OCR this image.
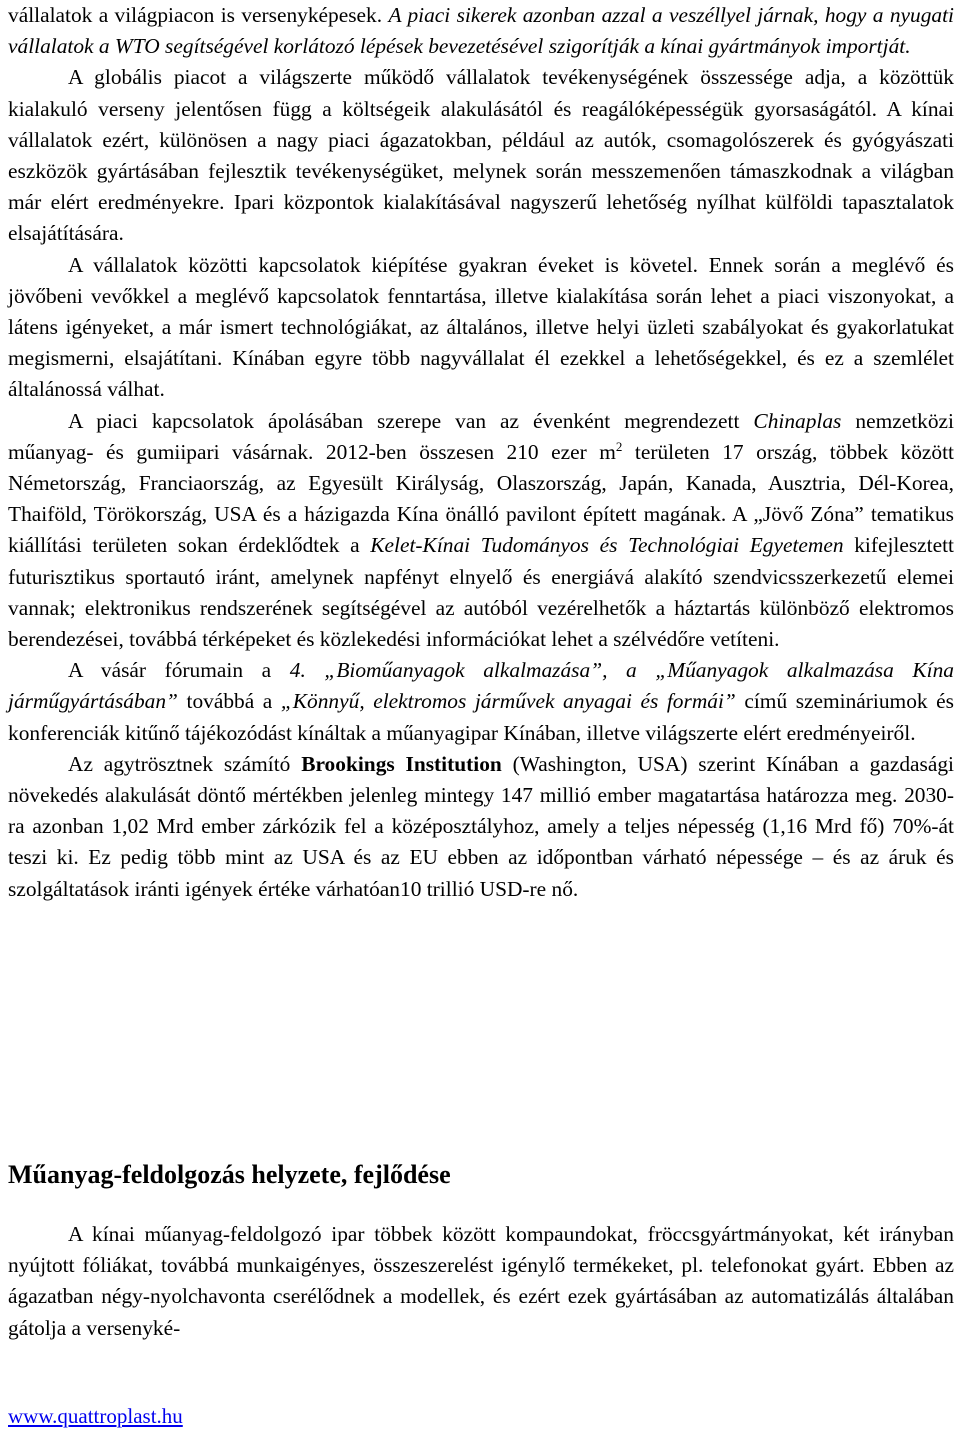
vállalatok a világpiacon is versenyképesek. A piaci sikerek azonban azzal a veszéllyel járnak, hogy a nyugati vállalatok a WTO segítségével korlátozó lépések bevezetésével szigorítják a kínai gyártmányok importját.

A globális piacot a világszerte működő vállalatok tevékenységének összessége adja, a közöttük kialakuló verseny jelentősen függ a költségeik alakulásától és reagálóképességük gyorsaságától. A kínai vállalatok ezért, különösen a nagy piaci ágazatokban, például az autók, csomagolószerek és gyógyászati eszközök gyártásában fejlesztik tevékenységüket, melynek során messzemenően támaszkodnak a világban már elért eredményekre. Ipari központok kialakításával nagyszerű lehetőség nyílhat külföldi tapasztalatok elsajátítására.

A vállalatok közötti kapcsolatok kiépítése gyakran éveket is követel. Ennek során a meglévő és jövőbeni vevőkkel a meglévő kapcsolatok fenntartása, illetve kialakítása során lehet a piaci viszonyokat, a látens igényeket, a már ismert technológiákat, az általános, illetve helyi üzleti szabályokat és gyakorlatukat megismerni, elsajátítani. Kínában egyre több nagyvállalat él ezekkel a lehetőségekkel, és ez a szemlélet általánossá válhat.

A piaci kapcsolatok ápolásában szerepe van az évenként megrendezett Chinaplas nemzetközi műanyag- és gumiipari vásárnak. 2012-ben összesen 210 ezer $m^2$ területen 17 ország, többek között Németország, Franciaország, az Egyesült Királyság, Olaszország, Japán, Kanada, Ausztria, Dél-Korea, Thaiföld, Törökország, USA és a házigazda Kína önálló pavilont épített magának. A „Jövő Zóna” tematikus kiállítási területen sokan érdeklődtek a Kelet-Kínai Tudományos és Technológiai Egyetemen kifejlesztett futurisztikus sportautó iránt, amelynek napfényt elnyelő és energiává alakító szendvicsszerkezetű elemei vannak; elektronikus rendszerének segítségével az autóból vezérelhetők a háztartás különböző elektromos berendezései, továbbá térképeket és közlekedési információkat lehet a szélvédőre vetíteni.

A vásár fórumain a 4. „Bioműanyagok alkalmazása”, a „Műanyagok alkalmazása Kína járműgyártásában” továbbá a „Könnyű, elektromos járművek anyagai és formái” című szemináriumok és konferenciák kitűnő tájékozódást kínáltak a műanyagipar Kínában, illetve világszerte elért eredményeiről.

Az agytrösztnek számító Brookings Institution (Washington, USA) szerint Kínában a gazdasági növekedés alakulását döntő mértékben jelenleg mintegy 147 millió ember magatartása határozza meg. 2030-ra azonban 1,02 Mrd ember zárkózik fel a középosztályhoz, amely a teljes népesség (1,16 Mrd fő) 70%-át teszi ki. Ez pedig több mint az USA és az EU ebben az időpontban várható népessége – és az áruk és szolgáltatások iránti igények értéke várhatóan10 trillió USD-re nő.

Műanyag-feldolgozás helyzete, fejlődése

A kínai műanyag-feldolgozó ipar többek között kompaundokat, fröccsgyártmányokat, két irányban nyújtott fóliákat, továbbá munkaigényes, összeszerelést igénylő termékeket, pl. telefonokat gyárt. Ebben az ágazatban négy-nyolchavonta cserélődnek a modellek, és ezért ezek gyártásában az automatizálás általában gátolja a versenyké-

www.quattroplast.hu
